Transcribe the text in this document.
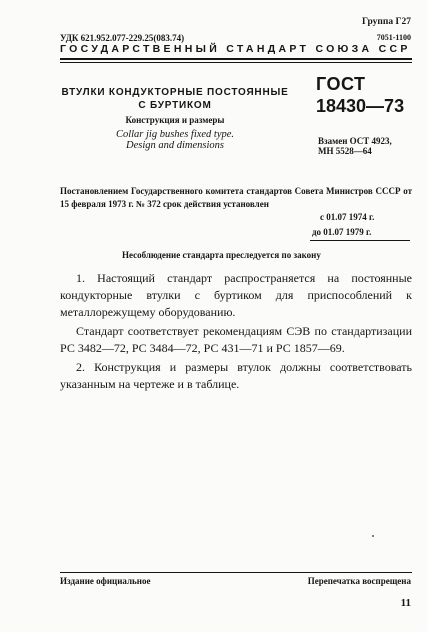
Группа Г27
7051-1100
УДК 621.952.077-229.25(083.74)
ГОСУДАРСТВЕННЫЙ СТАНДАРТ СОЮЗА ССР
ВТУЛКИ КОНДУКТОРНЫЕ ПОСТОЯННЫЕ
С БУРТИКОМ
Конструкция и размеры
Collar jig bushes fixed type.
Design and dimensions
ГОСТ
18430—73
Взамен ОСТ 4923,
МН 5528—64
Постановлением Государственного комитета стандартов Совета Министров СССР от 15 февраля 1973 г. № 372 срок действия установлен
с 01.07 1974 г.
до 01.07 1979 г.
Несоблюдение стандарта преследуется по закону

1. Настоящий стандарт распространяется на постоянные кондукторные втулки с буртиком для приспособлений к металлорежущему оборудованию.

Стандарт соответствует рекомендациям СЭВ по стандартизации РС 3482—72, РС 3484—72, РС 431—71 и РС 1857—69.

2. Конструкция и размеры втулок должны соответствовать указанным на чертеже и в таблице.

Издание официальное	Перепечатка воспрещена
11
